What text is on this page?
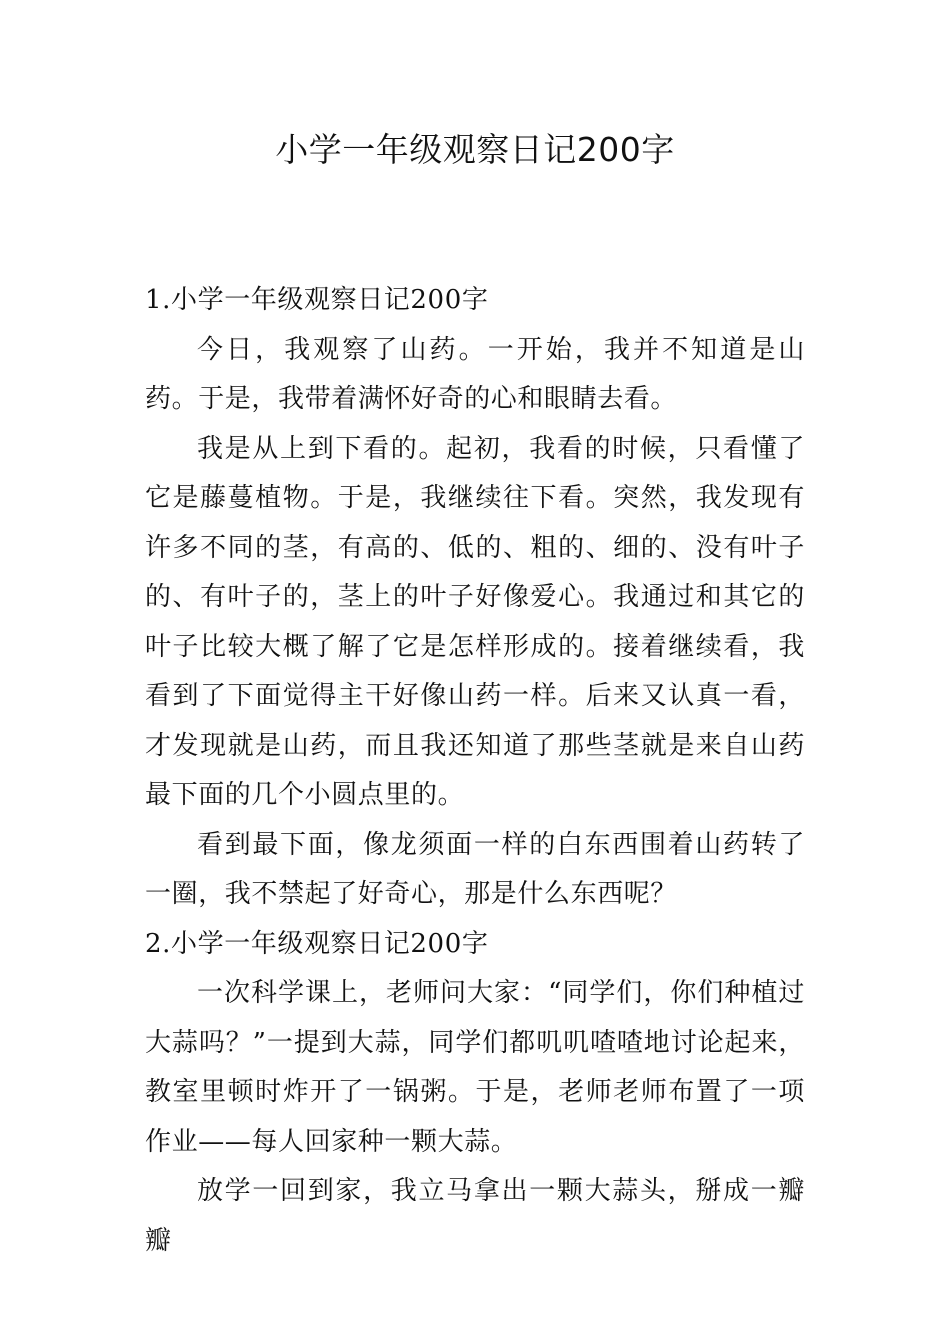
小学一年级观察日记200字
1.小学一年级观察日记200字

今日，我观察了山药。一开始，我并不知道是山药。于是，我带着满怀好奇的心和眼睛去看。

我是从上到下看的。起初，我看的时候，只看懂了它是藤蔓植物。于是，我继续往下看。突然，我发现有许多不同的茎，有高的、低的、粗的、细的、没有叶子的、有叶子的，茎上的叶子好像爱心。我通过和其它的叶子比较大概了解了它是怎样形成的。接着继续看，我看到了下面觉得主干好像山药一样。后来又认真一看，才发现就是山药，而且我还知道了那些茎就是来自山药最下面的几个小圆点里的。

看到最下面，像龙须面一样的白东西围着山药转了一圈，我不禁起了好奇心，那是什么东西呢？

2.小学一年级观察日记200字

一次科学课上，老师问大家：“同学们，你们种植过大蒜吗？”一提到大蒜，同学们都叽叽喳喳地讨论起来，教室里顿时炸开了一锅粥。于是，老师老师布置了一项作业——每人回家种一颗大蒜。

放学一回到家，我立马拿出一颗大蒜头，掰成一瓣瓣
